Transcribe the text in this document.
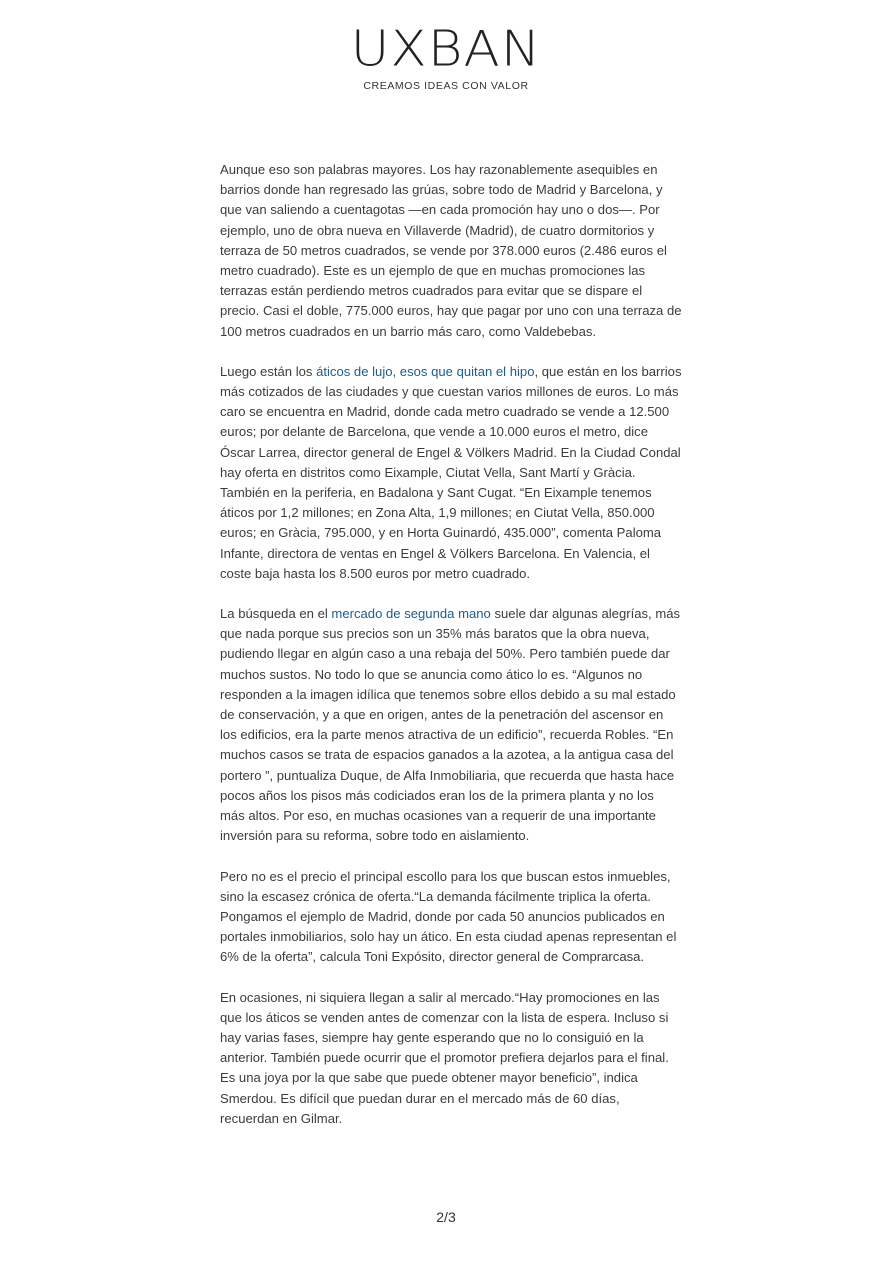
UXBAN
CREAMOS IDEAS CON VALOR

Aunque eso son palabras mayores. Los hay razonablemente asequibles en barrios donde han regresado las grúas, sobre todo de Madrid y Barcelona, y que van saliendo a cuentagotas —en cada promoción hay uno o dos—. Por ejemplo, uno de obra nueva en Villaverde (Madrid), de cuatro dormitorios y terraza de 50 metros cuadrados, se vende por 378.000 euros (2.486 euros el metro cuadrado). Este es un ejemplo de que en muchas promociones las terrazas están perdiendo metros cuadrados para evitar que se dispare el precio. Casi el doble, 775.000 euros, hay que pagar por uno con una terraza de 100 metros cuadrados en un barrio más caro, como Valdebebas.

Luego están los áticos de lujo, esos que quitan el hipo, que están en los barrios más cotizados de las ciudades y que cuestan varios millones de euros. Lo más caro se encuentra en Madrid, donde cada metro cuadrado se vende a 12.500 euros; por delante de Barcelona, que vende a 10.000 euros el metro, dice Óscar Larrea, director general de Engel & Völkers Madrid. En la Ciudad Condal hay oferta en distritos como Eixample, Ciutat Vella, Sant Martí y Gràcia. También en la periferia, en Badalona y Sant Cugat. “En Eixample tenemos áticos por 1,2 millones; en Zona Alta, 1,9 millones; en Ciutat Vella, 850.000 euros; en Gràcia, 795.000, y en Horta Guinardó, 435.000”, comenta Paloma Infante, directora de ventas en Engel & Völkers Barcelona. En Valencia, el coste baja hasta los 8.500 euros por metro cuadrado.

La búsqueda en el mercado de segunda mano suele dar algunas alegrías, más que nada porque sus precios son un 35% más baratos que la obra nueva, pudiendo llegar en algún caso a una rebaja del 50%. Pero también puede dar muchos sustos. No todo lo que se anuncia como ático lo es. “Algunos no responden a la imagen idílica que tenemos sobre ellos debido a su mal estado de conservación, y a que en origen, antes de la penetración del ascensor en los edificios, era la parte menos atractiva de un edificio”, recuerda Robles. “En muchos casos se trata de espacios ganados a la azotea, a la antigua casa del portero ”, puntualiza Duque, de Alfa Inmobiliaria, que recuerda que hasta hace pocos años los pisos más codiciados eran los de la primera planta y no los más altos. Por eso, en muchas ocasiones van a requerir de una importante inversión para su reforma, sobre todo en aislamiento.

Pero no es el precio el principal escollo para los que buscan estos inmuebles, sino la escasez crónica de oferta.“La demanda fácilmente triplica la oferta. Pongamos el ejemplo de Madrid, donde por cada 50 anuncios publicados en portales inmobiliarios, solo hay un ático. En esta ciudad apenas representan el 6% de la oferta”, calcula Toni Expósito, director general de Comprarcasa.

En ocasiones, ni siquiera llegan a salir al mercado.“Hay promociones en las que los áticos se venden antes de comenzar con la lista de espera. Incluso si hay varias fases, siempre hay gente esperando que no lo consiguió en la anterior. También puede ocurrir que el promotor prefiera dejarlos para el final. Es una joya por la que sabe que puede obtener mayor beneficio”, indica Smerdou. Es difícil que puedan durar en el mercado más de 60 días, recuerdan en Gilmar.

2/3
